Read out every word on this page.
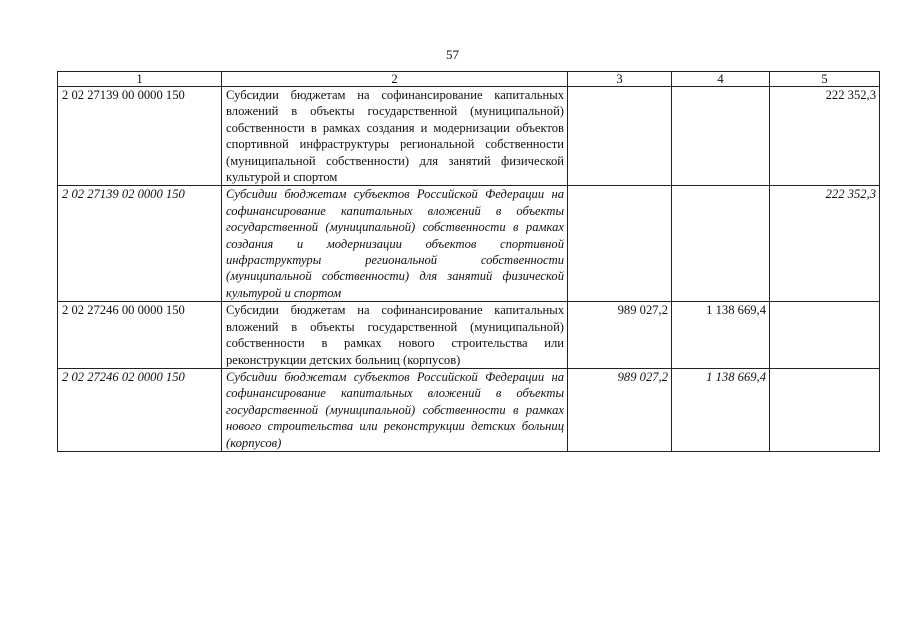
57
1	2	3	4	5
2 02 27139 00 0000 150	Субсидии бюджетам на софинансирование капитальных вложений в объекты государственной (муниципальной) собственности в рамках создания и модернизации объектов спортивной инфраструктуры региональной собственности (муниципальной собственности) для занятий физической культурой и спортом			222 352,3
2 02 27139 02 0000 150	Субсидии бюджетам субъектов Российской Федерации на софинансирование капитальных вложений в объекты государственной (муниципальной) собственности в рамках создания и модернизации объектов спортивной инфраструктуры региональной собственности (муниципальной собственности) для занятий физической культурой и спортом			222 352,3
2 02 27246 00 0000 150	Субсидии бюджетам на софинансирование капитальных вложений в объекты государственной (муниципальной) собственности в рамках нового строительства или реконструкции детских больниц (корпусов)	989 027,2	1 138 669,4	
2 02 27246 02 0000 150	Субсидии бюджетам субъектов Российской Федерации на софинансирование капитальных вложений в объекты государственной (муниципальной) собственности в рамках нового строительства или реконструкции детских больниц (корпусов)	989 027,2	1 138 669,4	
